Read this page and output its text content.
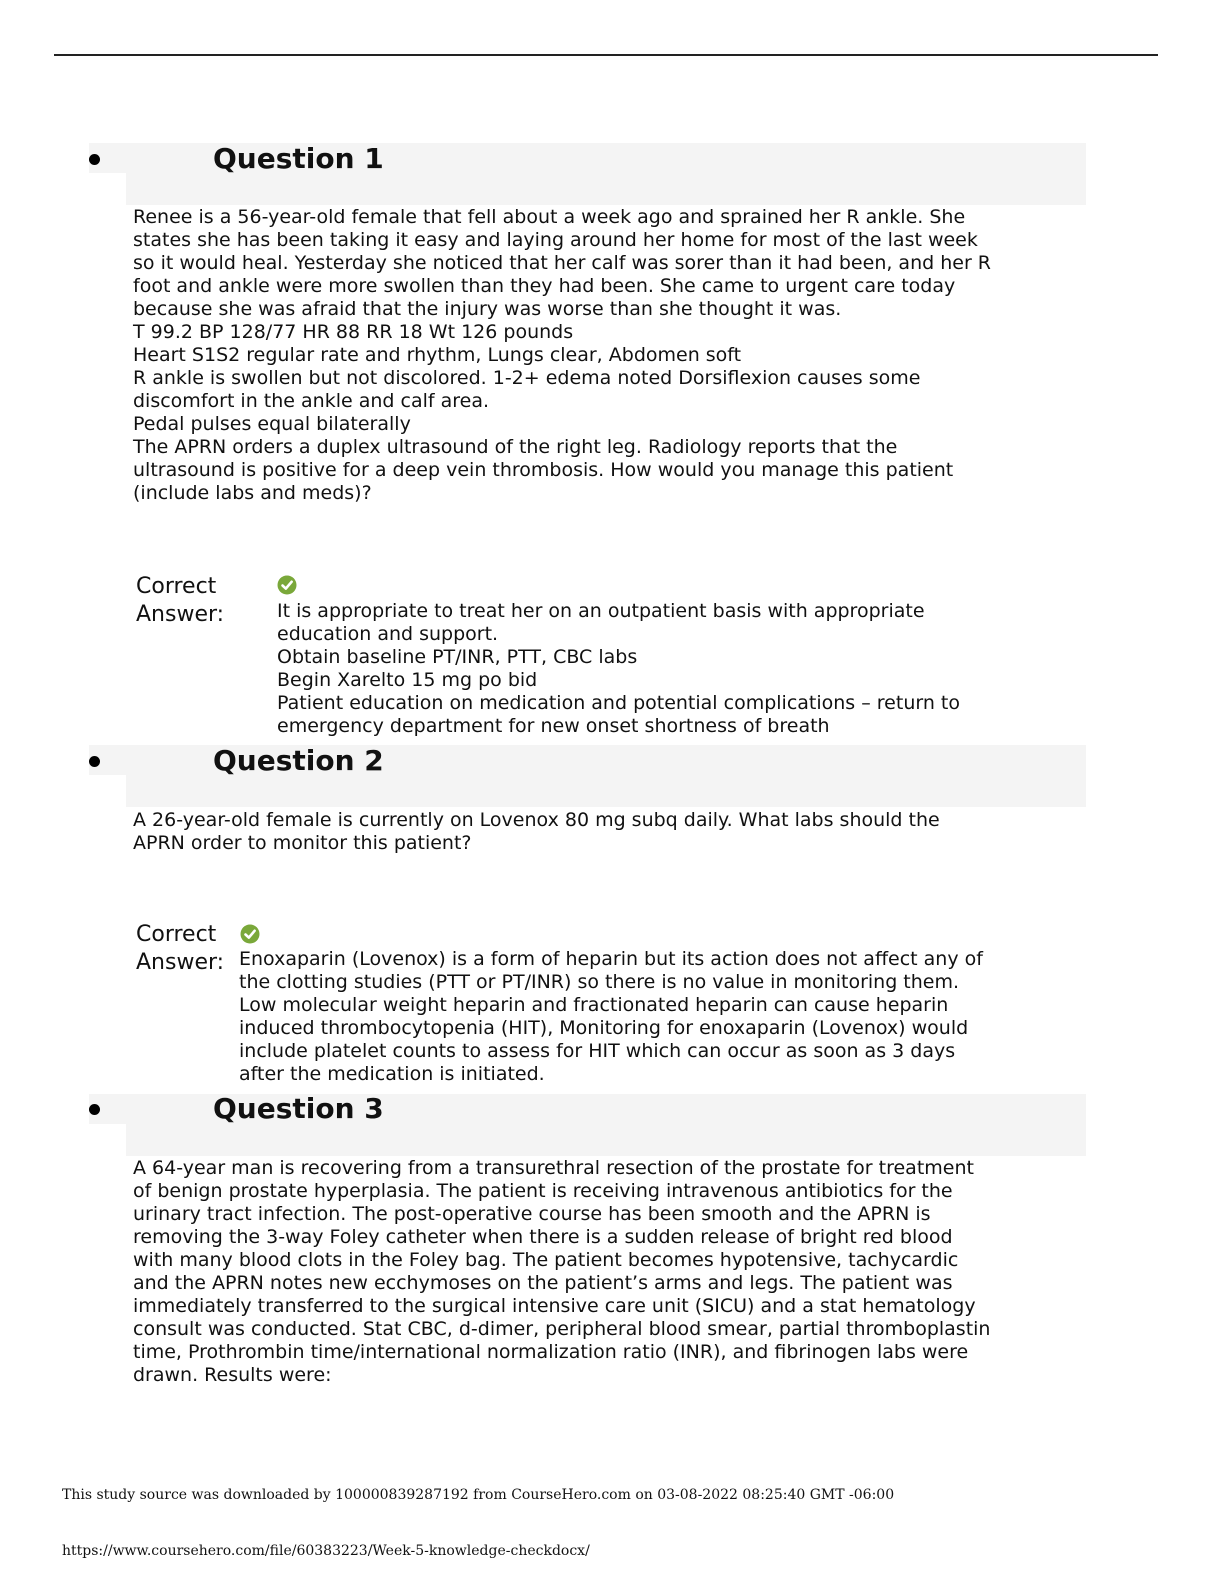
Question 1
Renee is a 56-year-old female that fell about a week ago and sprained her R ankle. She
states she has been taking it easy and laying around her home for most of the last week
so it would heal. Yesterday she noticed that her calf was sorer than it had been, and her R
foot and ankle were more swollen than they had been. She came to urgent care today
because she was afraid that the injury was worse than she thought it was.
T 99.2 BP 128/77 HR 88 RR 18 Wt 126 pounds
Heart S1S2 regular rate and rhythm, Lungs clear, Abdomen soft
R ankle is swollen but not discolored. 1-2+ edema noted Dorsiflexion causes some
discomfort in the ankle and calf area.
Pedal pulses equal bilaterally
The APRN orders a duplex ultrasound of the right leg. Radiology reports that the
ultrasound is positive for a deep vein thrombosis. How would you manage this patient
(include labs and meds)?
Correct
Answer:	It is appropriate to treat her on an outpatient basis with appropriate
education and support.
Obtain baseline PT/INR, PTT, CBC labs
Begin Xarelto 15 mg po bid
Patient education on medication and potential complications – return to
emergency department for new onset shortness of breath
Question 2
A 26-year-old female is currently on Lovenox 80 mg subq daily. What labs should the
APRN order to monitor this patient?
Correct
Answer: Enoxaparin (Lovenox) is a form of heparin but its action does not affect any of
the clotting studies (PTT or PT/INR) so there is no value in monitoring them.
Low molecular weight heparin and fractionated heparin can cause heparin
induced thrombocytopenia (HIT), Monitoring for enoxaparin (Lovenox) would
include platelet counts to assess for HIT which can occur as soon as 3 days
after the medication is initiated.
Question 3
A 64-year man is recovering from a transurethral resection of the prostate for treatment
of benign prostate hyperplasia. The patient is receiving intravenous antibiotics for the
urinary tract infection. The post-operative course has been smooth and the APRN is
removing the 3-way Foley catheter when there is a sudden release of bright red blood
with many blood clots in the Foley bag. The patient becomes hypotensive, tachycardic
and the APRN notes new ecchymoses on the patient’s arms and legs. The patient was
immediately transferred to the surgical intensive care unit (SICU) and a stat hematology
consult was conducted. Stat CBC, d-dimer, peripheral blood smear, partial thromboplastin
time, Prothrombin time/international normalization ratio (INR), and fibrinogen labs were
drawn. Results were:
This study source was downloaded by 100000839287192 from CourseHero.com on 03-08-2022 08:25:40 GMT -06:00
https://www.coursehero.com/file/60383223/Week-5-knowledge-checkdocx/
